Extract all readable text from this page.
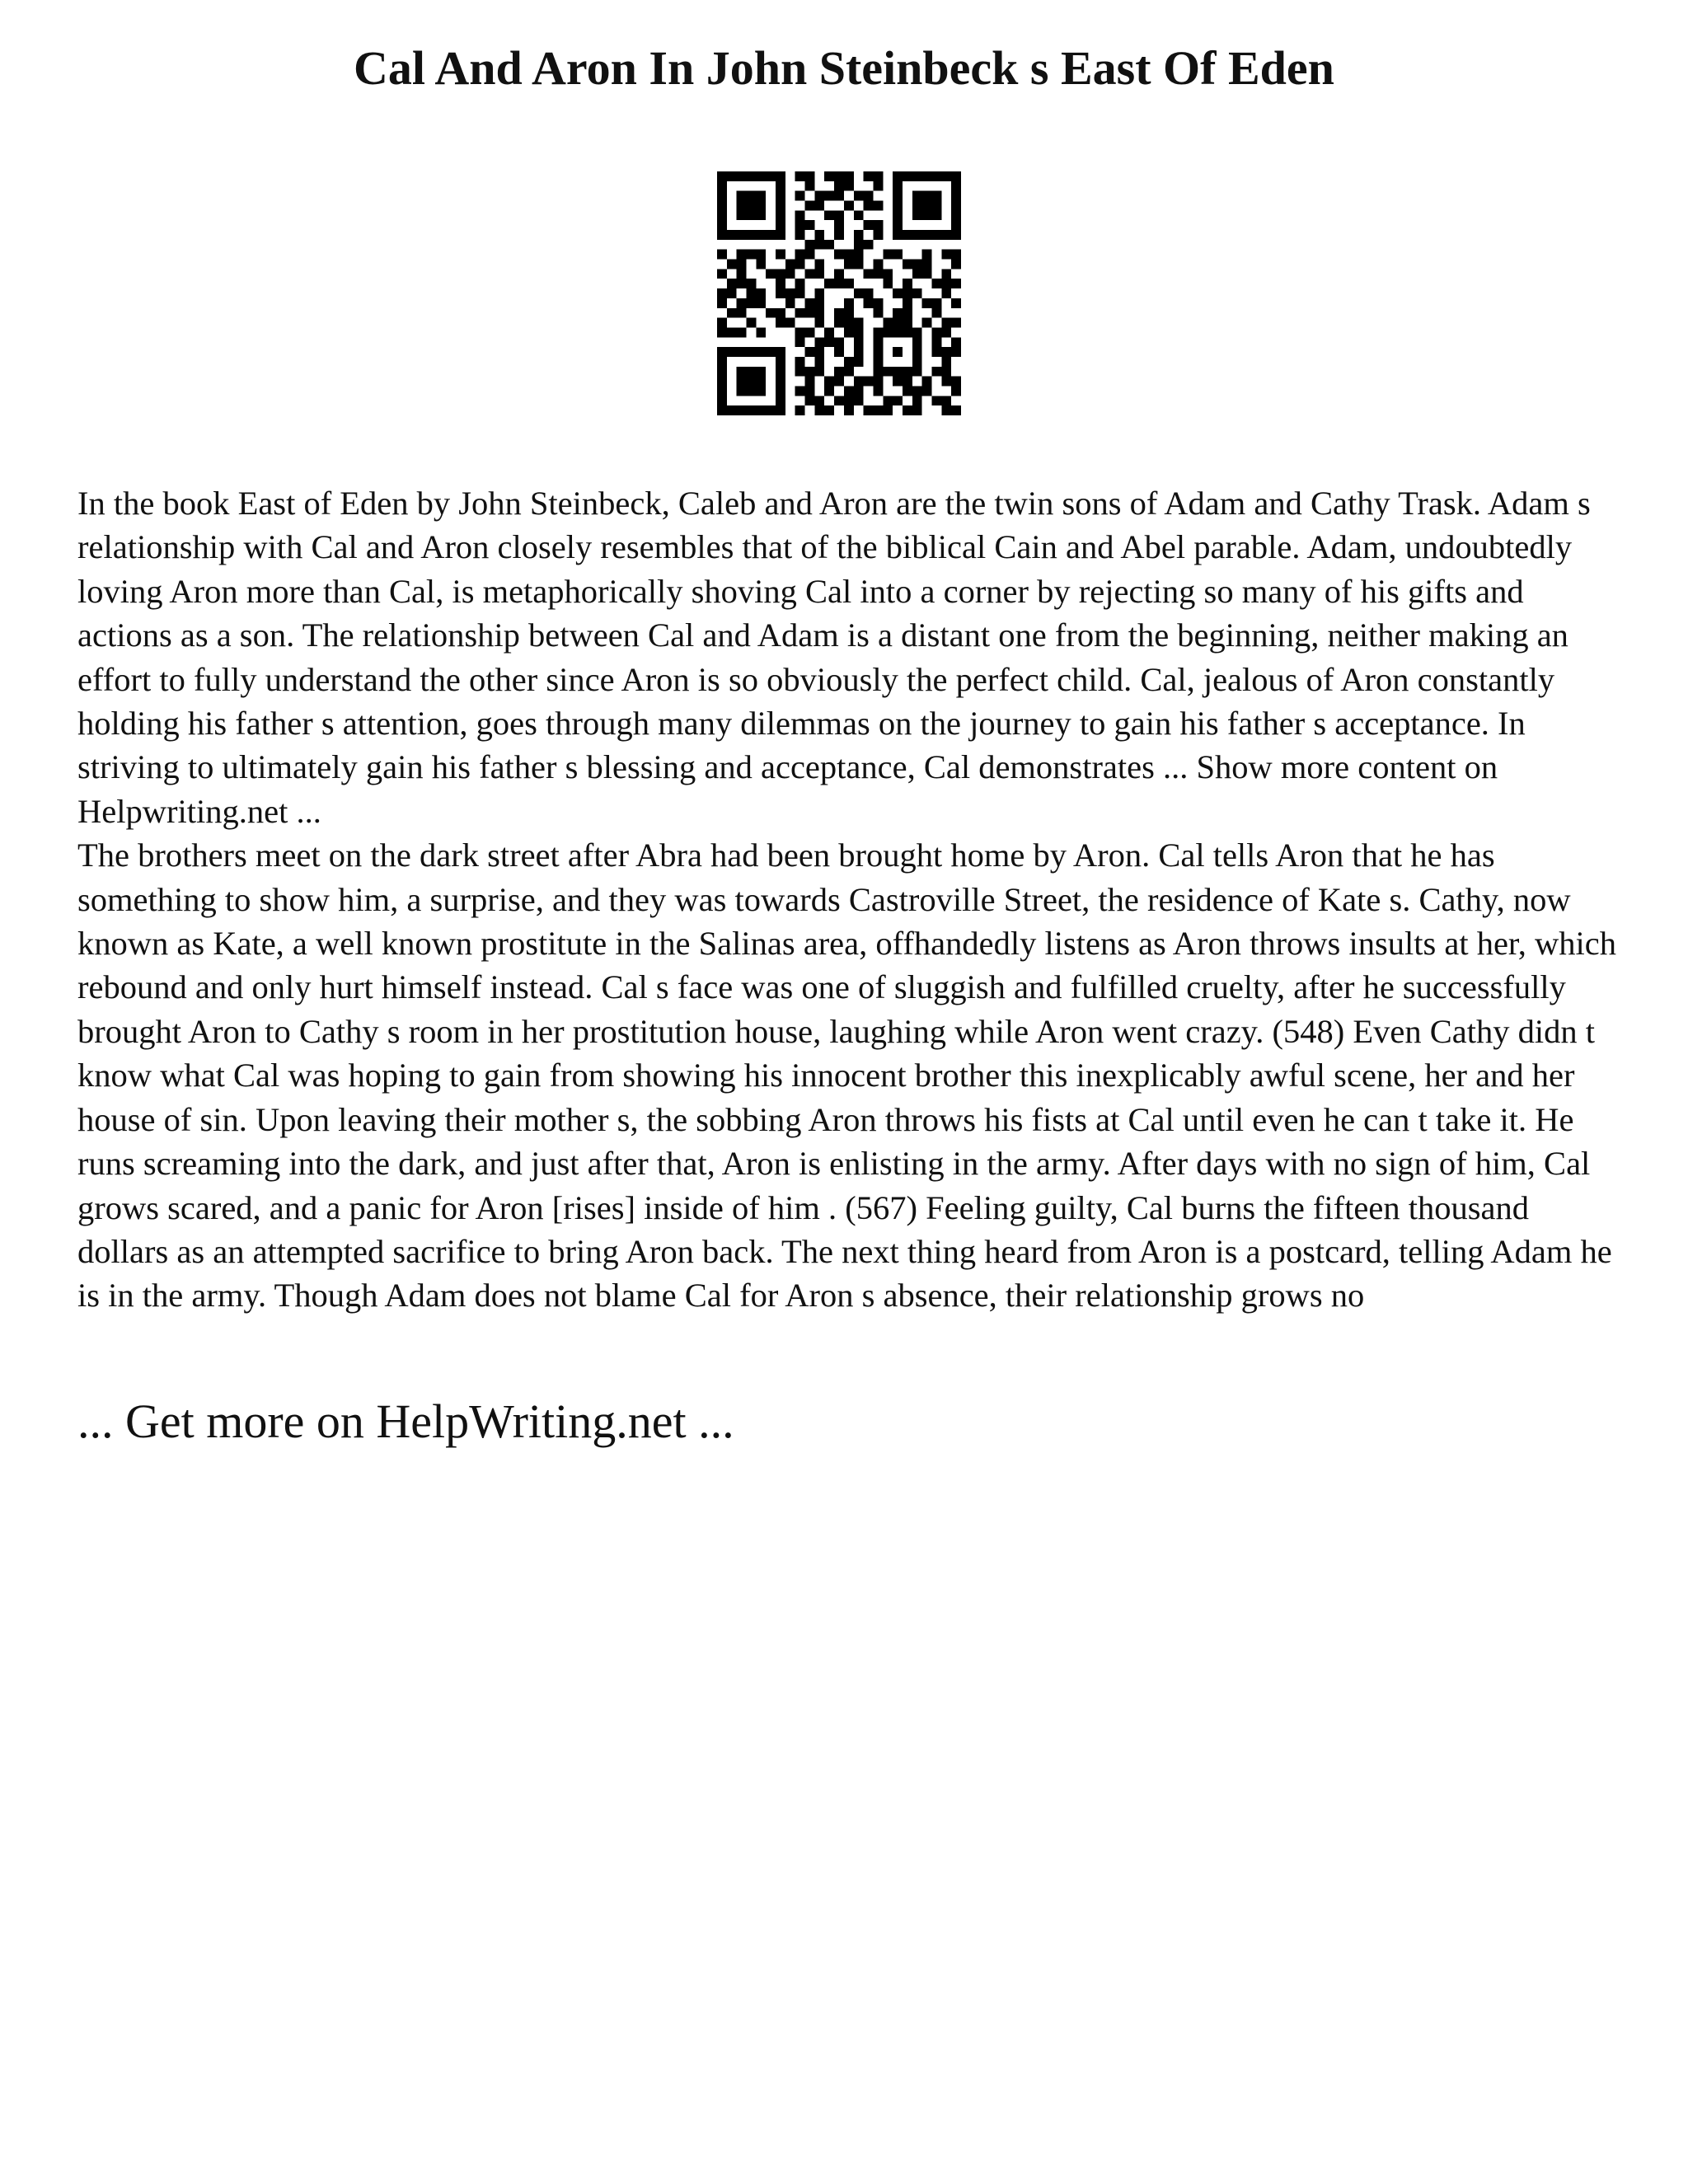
Cal And Aron In John Steinbeck s East Of Eden

In the book East of Eden by John Steinbeck, Caleb and Aron are the twin sons of Adam and Cathy Trask. Adam s relationship with Cal and Aron closely resembles that of the biblical Cain and Abel parable. Adam, undoubtedly loving Aron more than Cal, is metaphorically shoving Cal into a corner by rejecting so many of his gifts and actions as a son. The relationship between Cal and Adam is a distant one from the beginning, neither making an effort to fully understand the other since Aron is so obviously the perfect child. Cal, jealous of Aron constantly holding his father s attention, goes through many dilemmas on the journey to gain his father s acceptance. In striving to ultimately gain his father s blessing and acceptance, Cal demonstrates ... Show more content on Helpwriting.net ...

The brothers meet on the dark street after Abra had been brought home by Aron. Cal tells Aron that he has something to show him, a surprise, and they was towards Castroville Street, the residence of Kate s. Cathy, now known as Kate, a well known prostitute in the Salinas area, offhandedly listens as Aron throws insults at her, which rebound and only hurt himself instead. Cal s face was one of sluggish and fulfilled cruelty, after he successfully brought Aron to Cathy s room in her prostitution house, laughing while Aron went crazy. (548) Even Cathy didn t know what Cal was hoping to gain from showing his innocent brother this inexplicably awful scene, her and her house of sin. Upon leaving their mother s, the sobbing Aron throws his fists at Cal until even he can t take it. He runs screaming into the dark, and just after that, Aron is enlisting in the army. After days with no sign of him, Cal grows scared, and a panic for Aron [rises] inside of him . (567) Feeling guilty, Cal burns the fifteen thousand dollars as an attempted sacrifice to bring Aron back. The next thing heard from Aron is a postcard, telling Adam he is in the army. Though Adam does not blame Cal for Aron s absence, their relationship grows no

... Get more on HelpWriting.net ...
